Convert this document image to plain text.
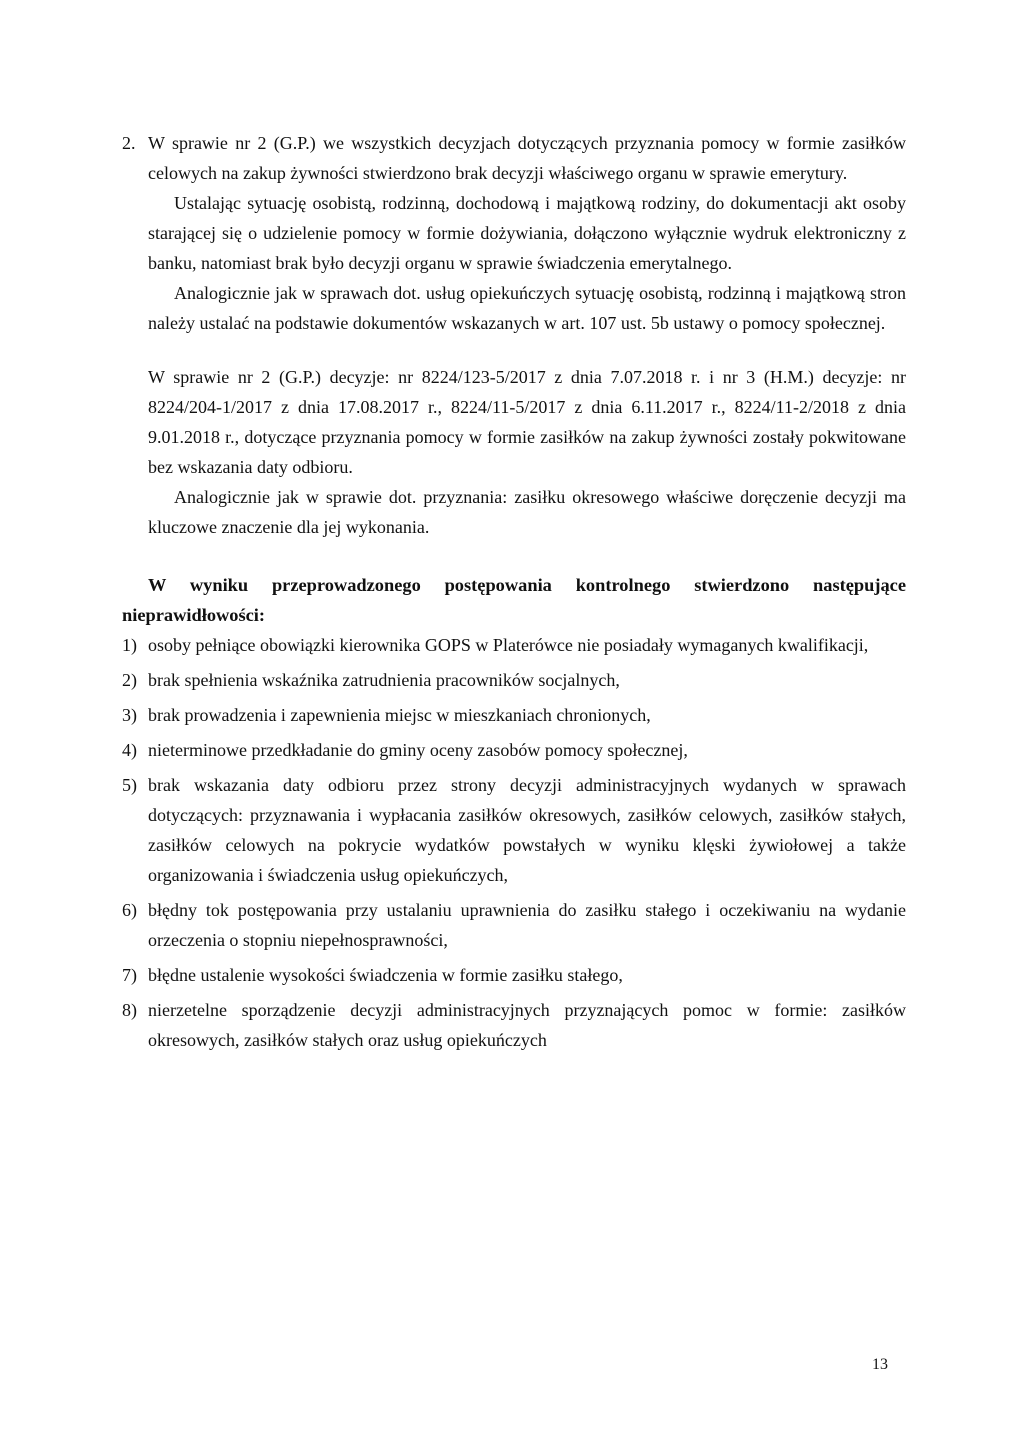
2. W sprawie nr 2 (G.P.) we wszystkich decyzjach dotyczących przyznania pomocy w formie zasiłków celowych na zakup żywności stwierdzono brak decyzji właściwego organu w sprawie emerytury.

Ustalając sytuację osobistą, rodzinną, dochodową i majątkową rodziny, do dokumentacji akt osoby starającej się o udzielenie pomocy w formie dożywiania, dołączono wyłącznie wydruk elektroniczny z banku, natomiast brak było decyzji organu w sprawie świadczenia emerytalnego.

Analogicznie jak w sprawach dot. usług opiekuńczych sytuację osobistą, rodzinną i majątkową stron należy ustalać na podstawie dokumentów wskazanych w art. 107 ust. 5b ustawy o pomocy społecznej.

W sprawie nr 2 (G.P.) decyzje: nr 8224/123-5/2017 z dnia 7.07.2018 r. i nr 3 (H.M.) decyzje: nr 8224/204-1/2017 z dnia 17.08.2017 r., 8224/11-5/2017 z dnia 6.11.2017 r., 8224/11-2/2018 z dnia 9.01.2018 r., dotyczące przyznania pomocy w formie zasiłków na zakup żywności zostały pokwitowane bez wskazania daty odbioru.

Analogicznie jak w sprawie dot. przyznania: zasiłku okresowego właściwe doręczenie decyzji ma kluczowe znaczenie dla jej wykonania.

W wyniku przeprowadzonego postępowania kontrolnego stwierdzono następujące nieprawidłowości:

1) osoby pełniące obowiązki kierownika GOPS w Platerówce nie posiadały wymaganych kwalifikacji,
2) brak spełnienia wskaźnika zatrudnienia pracowników socjalnych,
3) brak prowadzenia i zapewnienia miejsc w mieszkaniach chronionych,
4) nieterminowe przedkładanie do gminy oceny zasobów pomocy społecznej,
5) brak wskazania daty odbioru przez strony decyzji administracyjnych wydanych w sprawach dotyczących: przyznawania i wypłacania zasiłków okresowych, zasiłków celowych, zasiłków stałych, zasiłków celowych na pokrycie wydatków powstałych w wyniku klęski żywiołowej a także organizowania i świadczenia usług opiekuńczych,
6) błędny tok postępowania przy ustalaniu uprawnienia do zasiłku stałego i oczekiwaniu na wydanie orzeczenia o stopniu niepełnosprawności,
7) błędne ustalenie wysokości świadczenia w formie zasiłku stałego,
8) nierzetelne sporządzenie decyzji administracyjnych przyznających pomoc w formie: zasiłków okresowych, zasiłków stałych oraz usług opiekuńczych
13
